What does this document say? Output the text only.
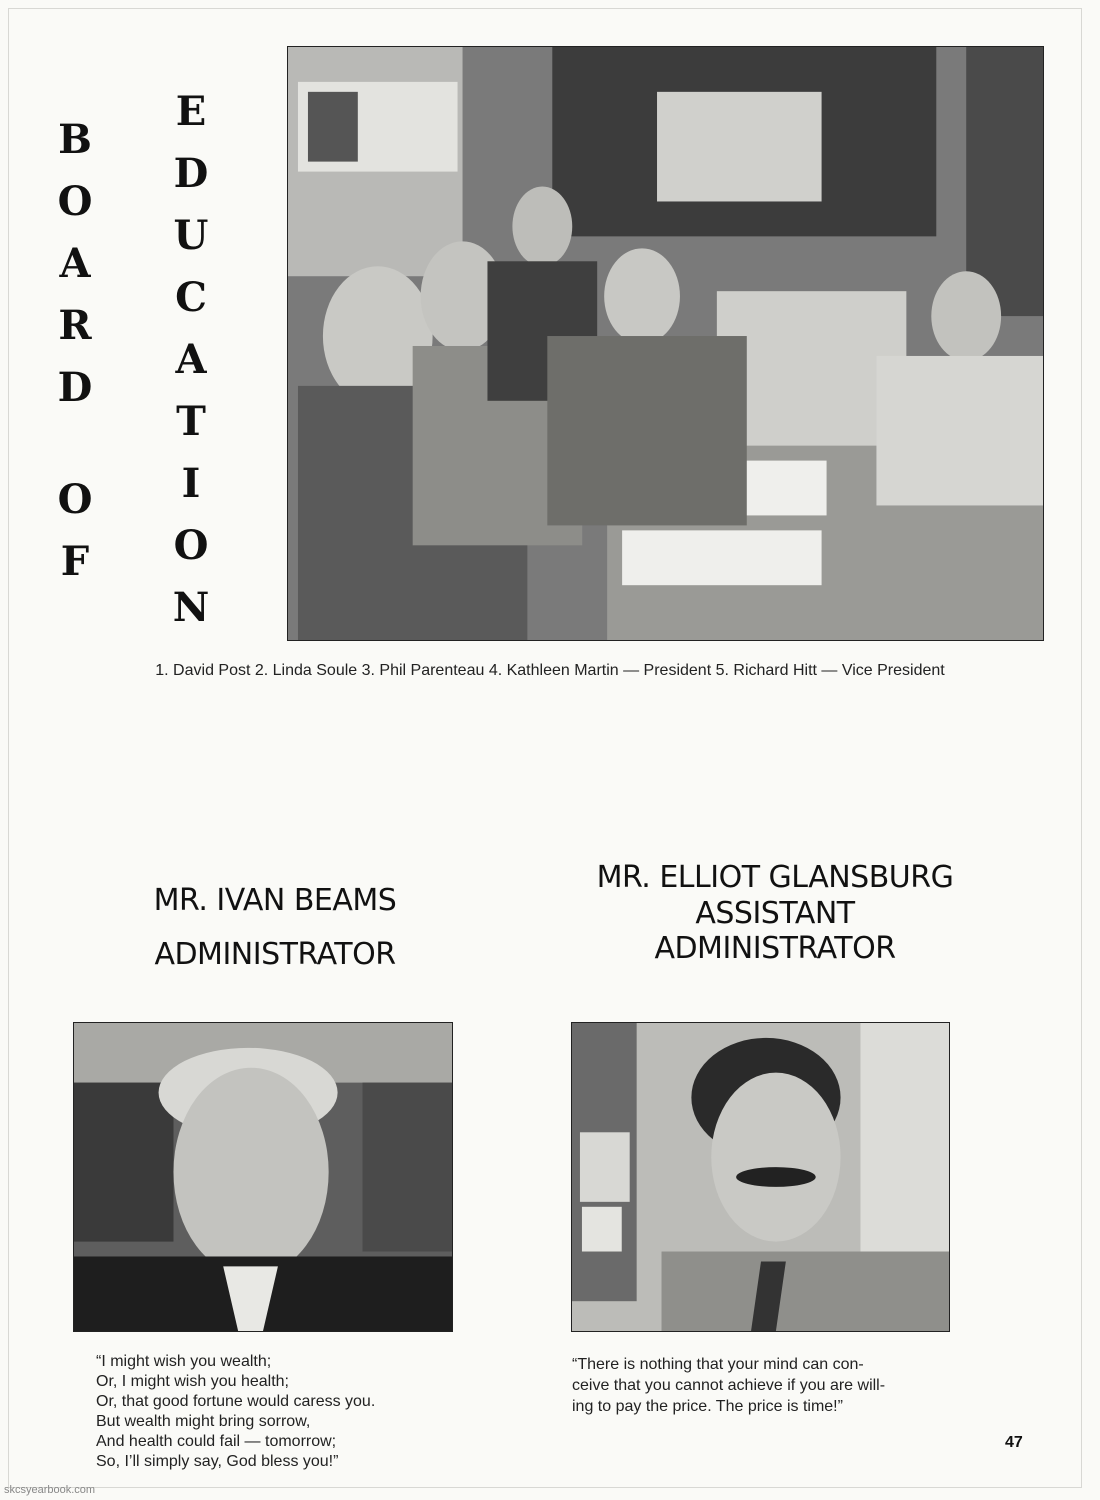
B
O
A
R
D
O
F
E
D
U
C
A
T
I
O
N
1. David Post 2. Linda Soule 3. Phil Parenteau 4. Kathleen Martin — President 5. Richard Hitt — Vice President
MR. IVAN BEAMS
ADMINISTRATOR
“I might wish you wealth;
Or, I might wish you health;
Or, that good fortune would caress you.
But wealth might bring sorrow,
And health could fail — tomorrow;
So, I’ll simply say, God bless you!”
MR. ELLIOT GLANSBURG
ASSISTANT
ADMINISTRATOR
“There is nothing that your mind can con-
ceive that you cannot achieve if you are will-
ing to pay the price. The price is time!”
47
skcsyearbook.com
